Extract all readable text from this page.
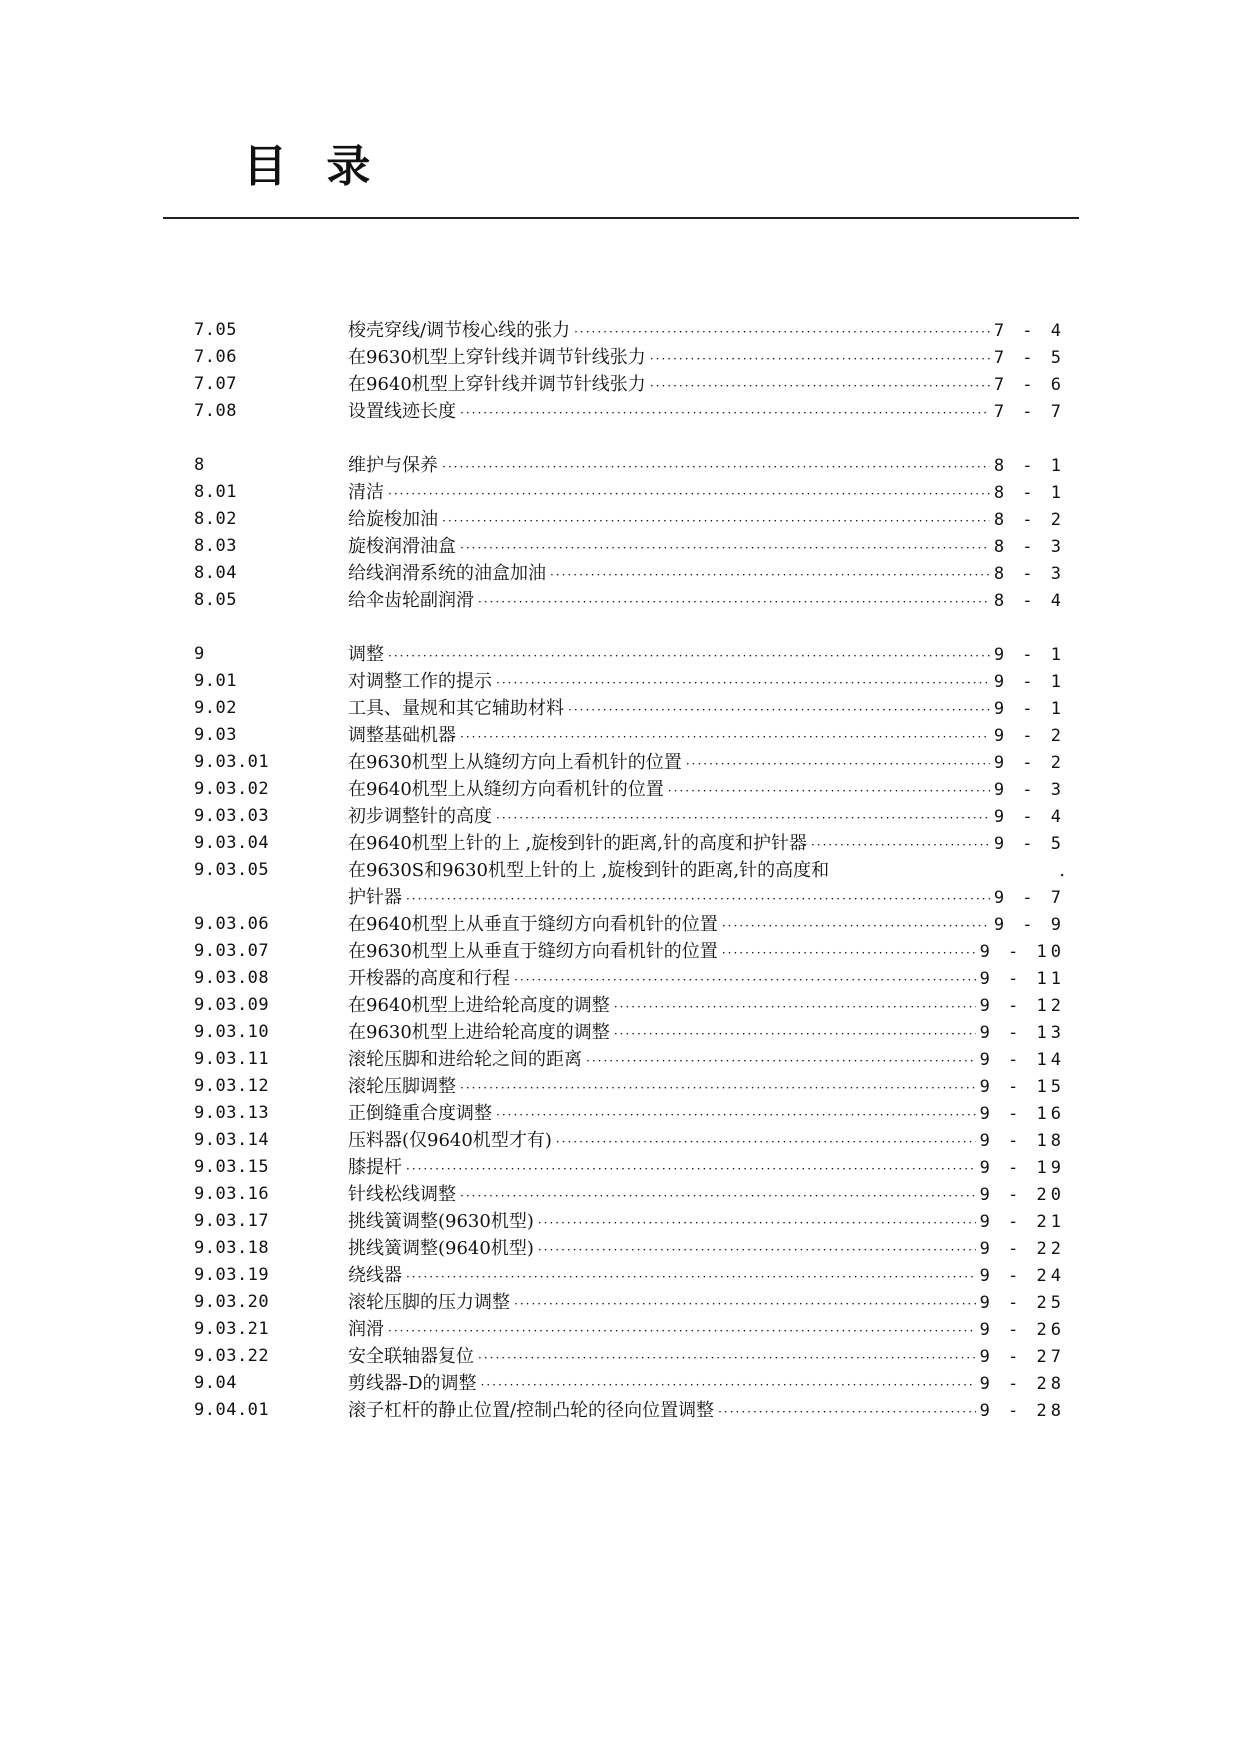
目 录
7.05	梭壳穿线/调节梭心线的张力 ·····	7 - 4
7.06	在9630机型上穿针线并调节针线张力 ·····	7 - 5
7.07	在9640机型上穿针线并调节针线张力 ·····	7 - 6
7.08	设置线迹长度 ·····	7 - 7
8	维护与保养 ·····	8 - 1
8.01	清洁 ·····	8 - 1
8.02	给旋梭加油 ·····	8 - 2
8.03	旋梭润滑油盒 ·····	8 - 3
8.04	给线润滑系统的油盒加油 ·····	8 - 3
8.05	给伞齿轮副润滑 ·····	8 - 4
9	调整 ·····	9 - 1
9.01	对调整工作的提示 ·····	9 - 1
9.02	工具、量规和其它辅助材料 ·····	9 - 1
9.03	调整基础机器 ·····	9 - 2
9.03.01	在9630机型上从缝纫方向上看机针的位置 ·····	9 - 2
9.03.02	在9640机型上从缝纫方向看机针的位置 ·····	9 - 3
9.03.03	初步调整针的高度 ·····	9 - 4
9.03.04	在9640机型上针的上 ,旋梭到针的距离,针的高度和护针器 ·····	9 - 5
9.03.05	在9630S和9630机型上针的上 ,旋梭到针的距离,针的高度和	.
护针器 ·····	9 - 7
9.03.06	在9640机型上从垂直于缝纫方向看机针的位置 ·····	9 - 9
9.03.07	在9630机型上从垂直于缝纫方向看机针的位置 ·····	9 - 10
9.03.08	开梭器的高度和行程 ·····	9 - 11
9.03.09	在9640机型上进给轮高度的调整 ·····	9 - 12
9.03.10	在9630机型上进给轮高度的调整 ·····	9 - 13
9.03.11	滚轮压脚和进给轮之间的距离 ·····	9 - 14
9.03.12	滚轮压脚调整 ·····	9 - 15
9.03.13	正倒缝重合度调整 ·····	9 - 16
9.03.14	压料器(仅9640机型才有) ·····	9 - 18
9.03.15	膝提杆 ·····	9 - 19
9.03.16	针线松线调整 ·····	9 - 20
9.03.17	挑线簧调整(9630机型) ·····	9 - 21
9.03.18	挑线簧调整(9640机型) ·····	9 - 22
9.03.19	绕线器 ·····	9 - 24
9.03.20	滚轮压脚的压力调整 ·····	9 - 25
9.03.21	润滑 ·····	9 - 26
9.03.22	安全联轴器复位 ·····	9 - 27
9.04	剪线器-D的调整 ·····	9 - 28
9.04.01	滚子杠杆的静止位置/控制凸轮的径向位置调整 ·····	9 - 28
